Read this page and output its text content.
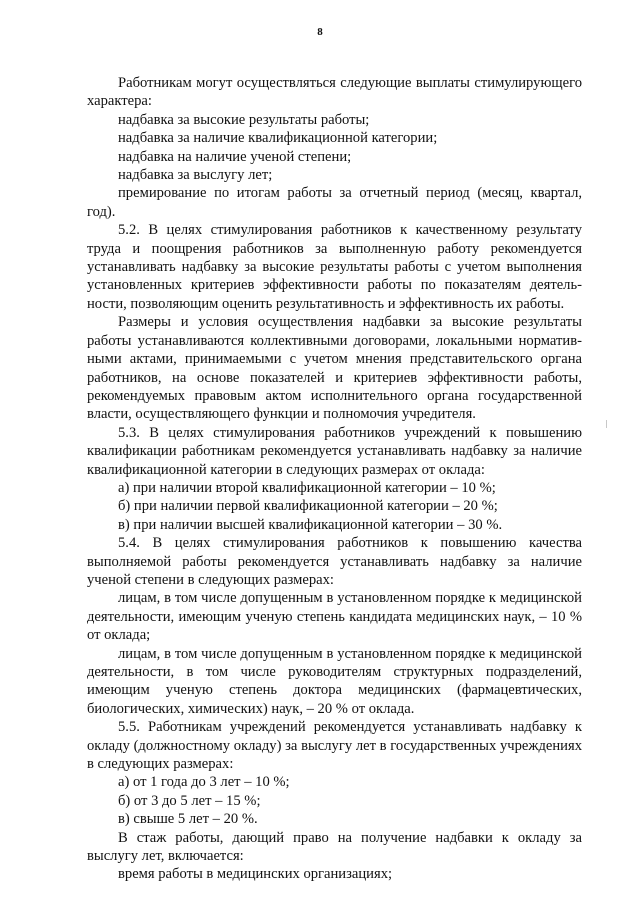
8

Работникам могут осуществляться следующие выплаты стимулирующего характера:

надбавка за высокие результаты работы;

надбавка за наличие квалификационной категории;

надбавка на наличие ученой степени;

надбавка за выслугу лет;

премирование по итогам работы за отчетный период (месяц, квартал, год).

5.2. В целях стимулирования работников к качественному результату труда и поощрения работников за выполненную работу рекомендуется устанавливать надбавку за высокие результаты работы с учетом выполнения установленных критериев эффективности работы по показателям деятельности, позволяющим оценить результативность и эффективность их работы.

Размеры и условия осуществления надбавки за высокие результаты работы устанавливаются коллективными договорами, локальными нормативными актами, принимаемыми с учетом мнения представительского органа работников, на основе показателей и критериев эффективности работы, рекомендуемых правовым актом исполнительного органа государственной власти, осуществляющего функции и полномочия учредителя.

5.3. В целях стимулирования работников учреждений к повышению квалификации работникам рекомендуется устанавливать надбавку за наличие квалификационной категории в следующих размерах от оклада:

а) при наличии второй квалификационной категории – 10 %;

б) при наличии первой квалификационной категории – 20 %;

в) при наличии высшей квалификационной категории – 30 %.

5.4. В целях стимулирования работников к повышению качества выполняемой работы рекомендуется устанавливать надбавку за наличие ученой степени в следующих размерах:

лицам, в том числе допущенным в установленном порядке к медицинской деятельности, имеющим ученую степень кандидата медицинских наук, – 10 % от оклада;

лицам, в том числе допущенным в установленном порядке к медицинской деятельности, в том числе руководителям структурных подразделений, имеющим ученую степень доктора медицинских (фармацевтических, биологических, химических) наук, – 20 % от оклада.

5.5. Работникам учреждений рекомендуется устанавливать надбавку к окладу (должностному окладу) за выслугу лет в государственных учреждениях в следующих размерах:

а) от 1 года до 3 лет – 10 %;

б) от 3 до 5 лет – 15 %;

в) свыше 5 лет – 20 %.

В стаж работы, дающий право на получение надбавки к окладу за выслугу лет, включается:

время работы в медицинских организациях;
